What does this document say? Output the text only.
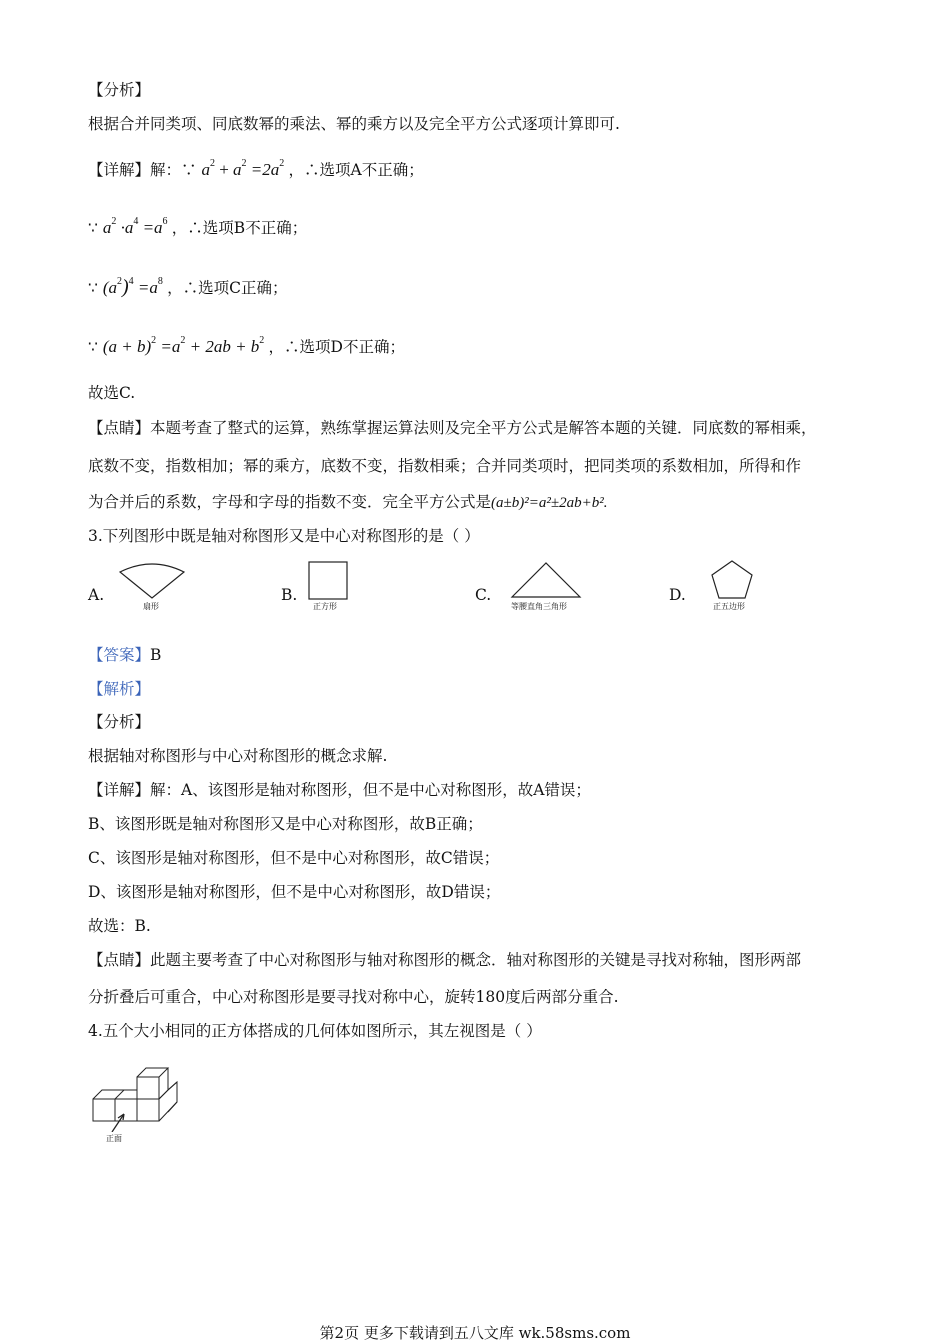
【分析】
根据合并同类项、同底数幂的乘法、幂的乘方以及完全平方公式逐项计算即可.
【详解】解：∵ $a^2 + a^2 =2a^2$ ，∴选项A不正确；
∵ $a^2 \cdot a^4 =a^6$ ，∴选项B不正确；
∵ $(a^2)^4 =a^8$ ，∴选项C正确；
∵ $(a + b)^2 =a^2 + 2ab + b^2$ ，∴选项D不正确；
故选C.
【点睛】本题考查了整式的运算，熟练掌握运算法则及完全平方公式是解答本题的关键．同底数的幂相乘，
底数不变，指数相加；幂的乘方，底数不变，指数相乘；合并同类项时，把同类项的系数相加，所得和作
为合并后的系数，字母和字母的指数不变．完全平方公式是(a±b)²=a²±2ab+b².
3.下列图形中既是轴对称图形又是中心对称图形的是（ ）
A.
扇形
B.
正方形
C.
等腰直角三角形
D.
正五边形
【答案】B
【解析】
【分析】
根据轴对称图形与中心对称图形的概念求解.
【详解】解：A、该图形是轴对称图形，但不是中心对称图形，故A错误；
B、该图形既是轴对称图形又是中心对称图形，故B正确；
C、该图形是轴对称图形，但不是中心对称图形，故C错误；
D、该图形是轴对称图形，但不是中心对称图形，故D错误；
故选：B.
【点睛】此题主要考查了中心对称图形与轴对称图形的概念．轴对称图形的关键是寻找对称轴，图形两部
分折叠后可重合，中心对称图形是要寻找对称中心，旋转180度后两部分重合.
4.五个大小相同的正方体搭成的几何体如图所示，其左视图是（ ）
正面
第2页 更多下载请到五八文库 wk.58sms.com
